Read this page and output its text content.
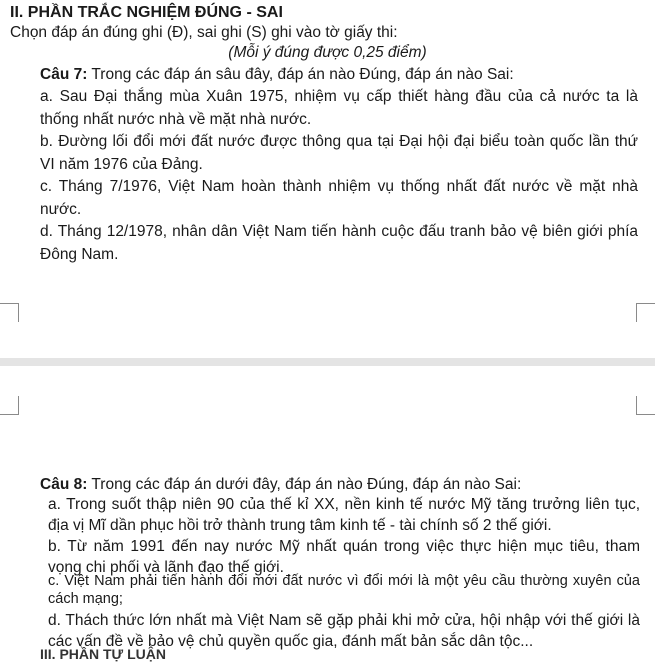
II. PHẦN TRẮC NGHIỆM ĐÚNG - SAI
Chọn đáp án đúng ghi (Đ), sai ghi (S) ghi vào tờ giấy thi:
(Mỗi ý đúng được 0,25 điểm)
Câu 7: Trong các đáp án sâu đây, đáp án nào Đúng, đáp án nào Sai:
a. Sau Đại thắng mùa Xuân 1975, nhiệm vụ cấp thiết hàng đầu của cả nước ta là thống nhất nước nhà về mặt nhà nước.
b. Đường lối đổi mới đất nước được thông qua tại Đại hội đại biểu toàn quốc lần thứ VI năm 1976 của Đảng.
c. Tháng 7/1976, Việt Nam hoàn thành nhiệm vụ thống nhất đất nước về mặt nhà nước.
d. Tháng 12/1978, nhân dân Việt Nam tiến hành cuộc đấu tranh bảo vệ biên giới phía Đông Nam.
Câu 8: Trong các đáp án dưới đây, đáp án nào Đúng, đáp án nào Sai:
a. Trong suốt thập niên 90 của thế kỉ XX, nền kinh tế nước Mỹ tăng trưởng liên tục, địa vị Mĩ dần phục hồi trở thành trung tâm kinh tế - tài chính số 2 thế giới.
b. Từ năm 1991 đến nay nước Mỹ nhất quán trong việc thực hiện mục tiêu, tham vọng chi phối và lãnh đạo thế giới.
c. Việt Nam phải tiến hành đổi mới đất nước vì đổi mới là một yêu cầu thường xuyên của cách mạng;
d. Thách thức lớn nhất mà Việt Nam sẽ gặp phải khi mở cửa, hội nhập với thế giới là các vấn đề về bảo vệ chủ quyền quốc gia, đánh mất bản sắc dân tộc...
III. PHẦN TỰ LUẬN
